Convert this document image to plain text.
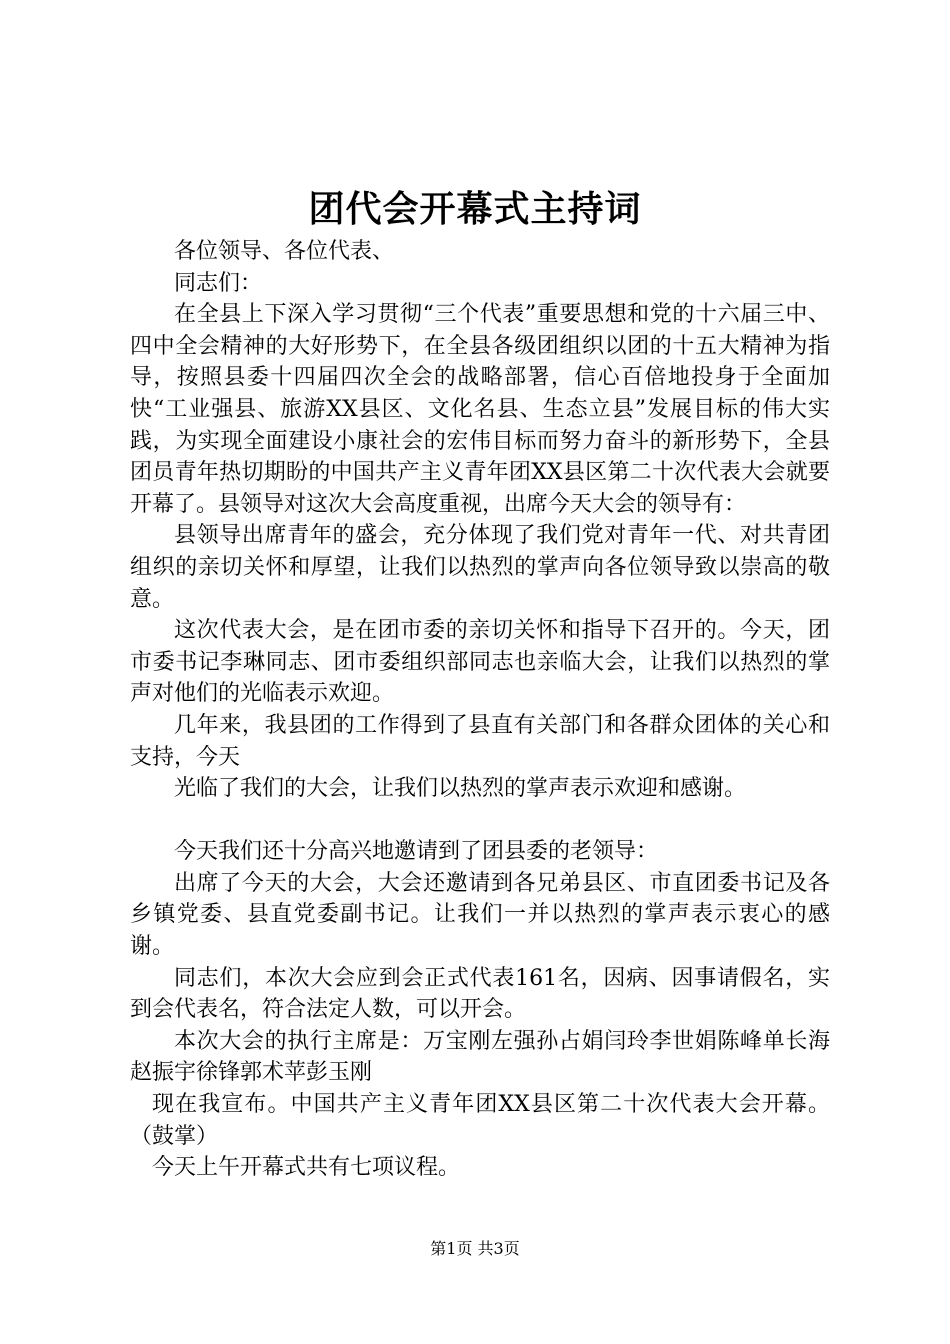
团代会开幕式主持词

各位领导、各位代表、

同志们：

在全县上下深入学习贯彻“三个代表”重要思想和党的十六届三中、四中全会精神的大好形势下，在全县各级团组织以团的十五大精神为指导，按照县委十四届四次全会的战略部署，信心百倍地投身于全面加快“工业强县、旅游XX县区、文化名县、生态立县”发展目标的伟大实践，为实现全面建设小康社会的宏伟目标而努力奋斗的新形势下，全县团员青年热切期盼的中国共产主义青年团XX县区第二十次代表大会就要开幕了。县领导对这次大会高度重视，出席今天大会的领导有：

县领导出席青年的盛会，充分体现了我们党对青年一代、对共青团组织的亲切关怀和厚望，让我们以热烈的掌声向各位领导致以崇高的敬意。

这次代表大会，是在团市委的亲切关怀和指导下召开的。今天，团市委书记李琳同志、团市委组织部同志也亲临大会，让我们以热烈的掌声对他们的光临表示欢迎。

几年来，我县团的工作得到了县直有关部门和各群众团体的关心和支持，今天

光临了我们的大会，让我们以热烈的掌声表示欢迎和感谢。

今天我们还十分高兴地邀请到了团县委的老领导：

出席了今天的大会，大会还邀请到各兄弟县区、市直团委书记及各乡镇党委、县直党委副书记。让我们一并以热烈的掌声表示衷心的感谢。

同志们，本次大会应到会正式代表161名，因病、因事请假名，实到会代表名，符合法定人数，可以开会。

本次大会的执行主席是：万宝刚左强孙占娟闫玲李世娟陈峰单长海赵振宇徐锋郭术苹彭玉刚

现在我宣布。中国共产主义青年团XX县区第二十次代表大会开幕。（鼓掌）

今天上午开幕式共有七项议程。

第1页 共3页
